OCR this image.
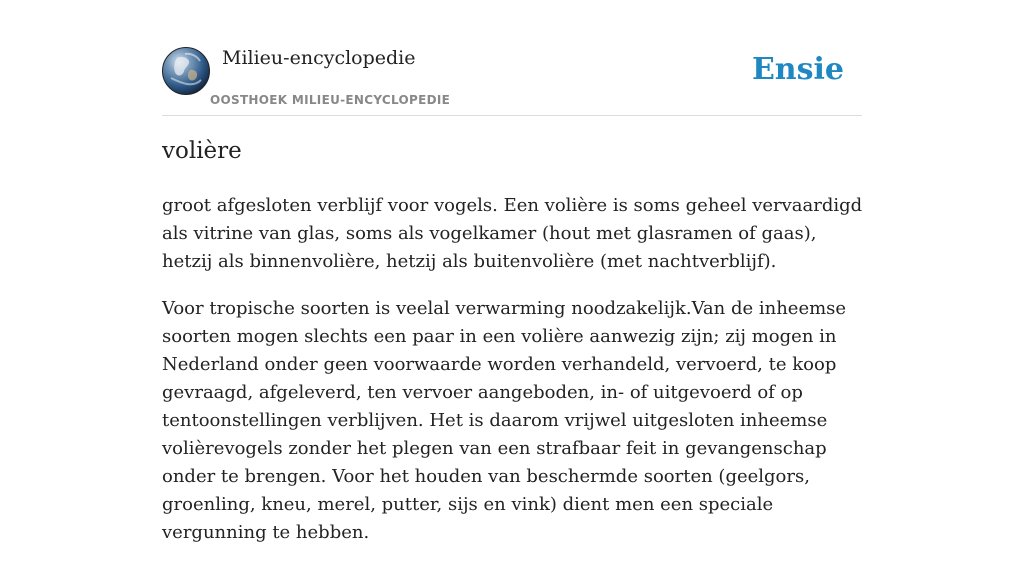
Milieu-encyclopedie
OOSTHOEK MILIEU-ENCYCLOPEDIE
Ensie
volière

groot afgesloten verblijf voor vogels. Een volière is soms geheel vervaardigd als vitrine van glas, soms als vogelkamer (hout met glasramen of gaas), hetzij als binnenvolière, hetzij als buitenvolière (met nachtverblijf).

Voor tropische soorten is veelal verwarming noodzakelijk.Van de inheemse soorten mogen slechts een paar in een volière aanwezig zijn; zij mogen in Nederland onder geen voorwaarde worden verhandeld, vervoerd, te koop gevraagd, afgeleverd, ten vervoer aangeboden, in- of uitgevoerd of op tentoonstellingen verblijven. Het is daarom vrijwel uitgesloten inheemse volièrevogels zonder het plegen van een strafbaar feit in gevangenschap onder te brengen. Voor het houden van beschermde soorten (geelgors, groenling, kneu, merel, putter, sijs en vink) dient men een speciale vergunning te hebben.
